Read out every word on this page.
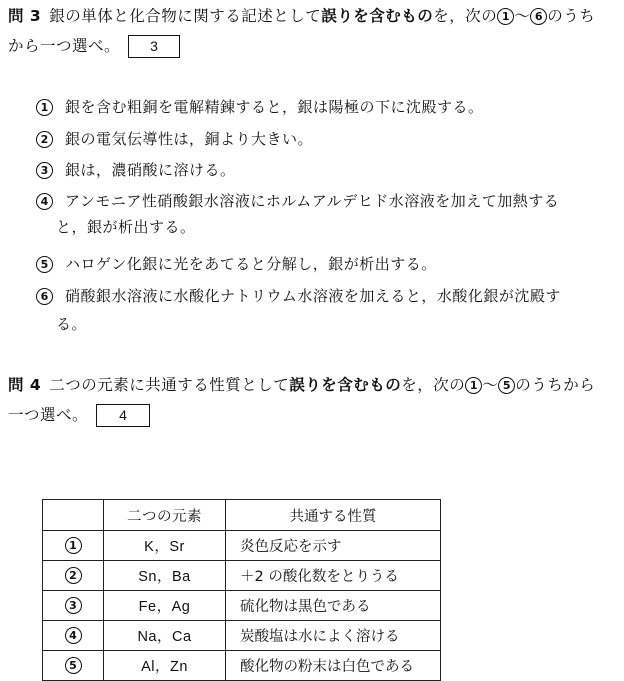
問 3 銀の単体と化合物に関する記述として誤りを含むものを，次の 1 ～ 6 のうち
から一つ選べ。 3
1 銀を含む粗銅を電解精錬すると，銀は陽極の下に沈殿する。
2 銀の電気伝導性は，銅より大きい。
3 銀は，濃硝酸に溶ける。
4 アンモニア性硝酸銀水溶液にホルムアルデヒド水溶液を加えて加熱する
と，銀が析出する。
5 ハロゲン化銀に光をあてると分解し，銀が析出する。
6 硝酸銀水溶液に水酸化ナトリウム水溶液を加えると，水酸化銀が沈殿す
る。
問 4 二つの元素に共通する性質として誤りを含むものを，次の 1 ～ 5 のうちから
一つ選べ。 4
	二つの元素	共通する性質
1	K，Sr	炎色反応を示す
2	Sn，Ba	＋2 の酸化数をとりうる
3	Fe，Ag	硫化物は黒色である
4	Na，Ca	炭酸塩は水によく溶ける
5	Al，Zn	酸化物の粉末は白色である
